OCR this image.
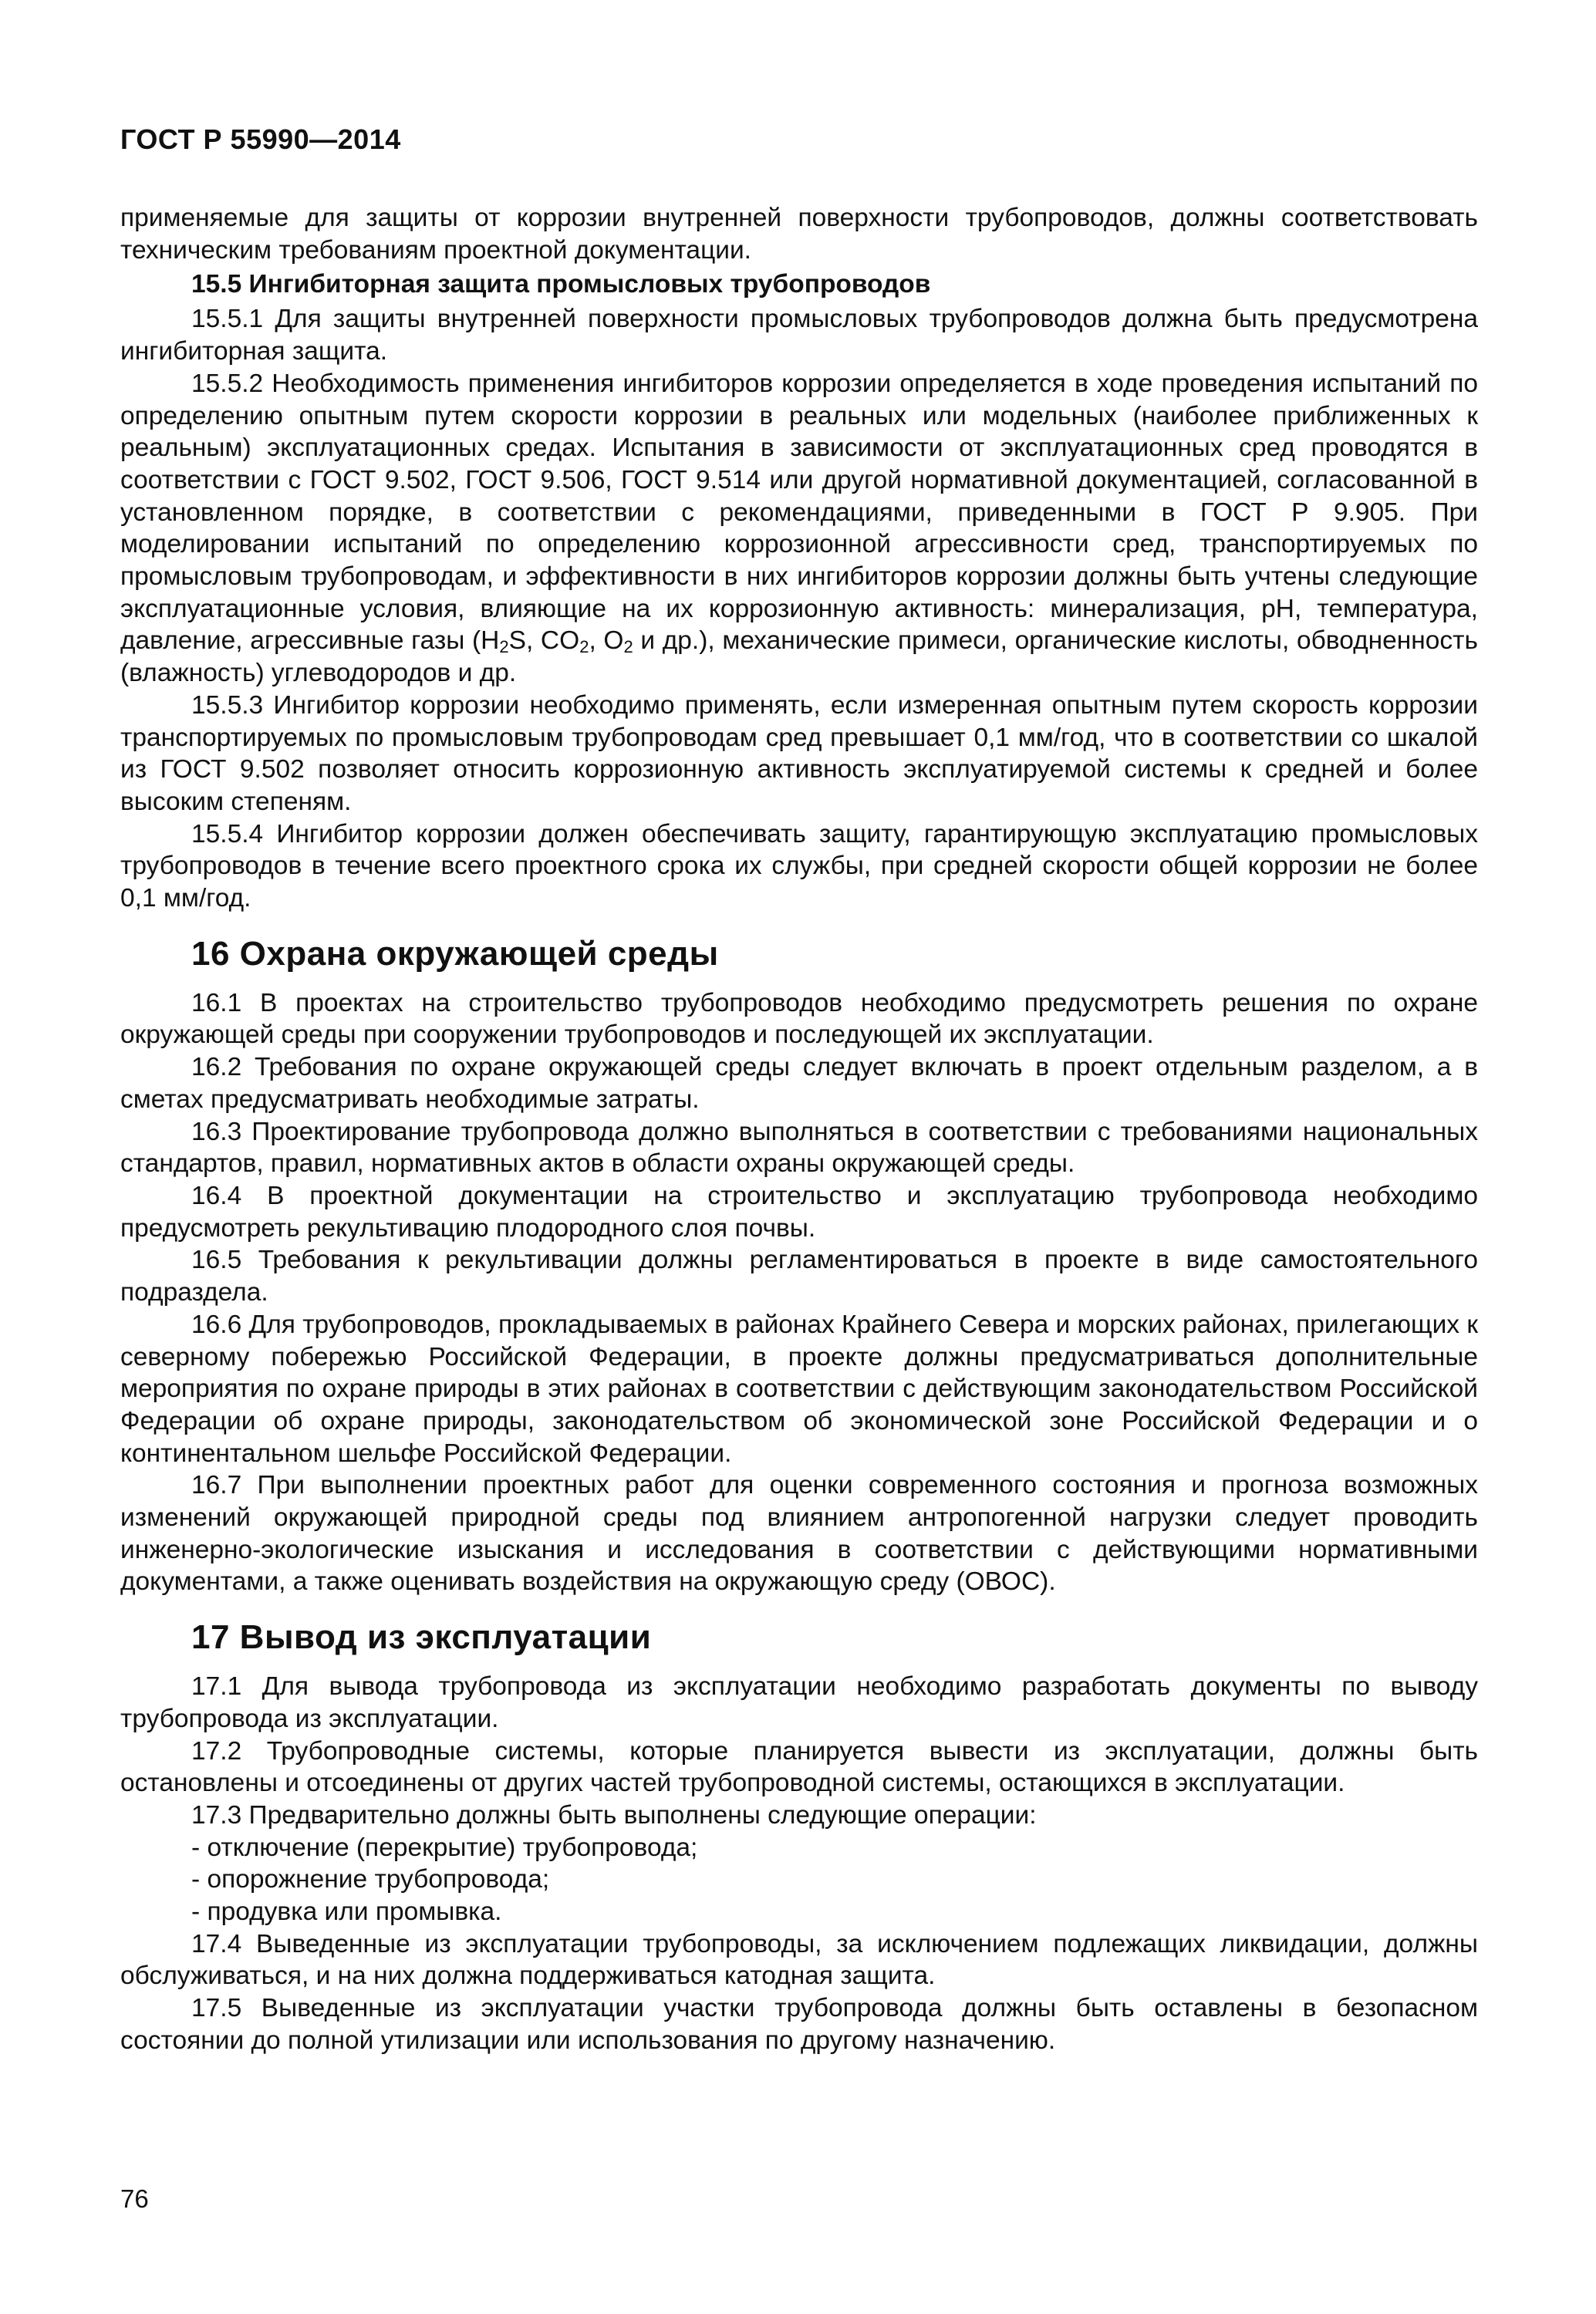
ГОСТ Р 55990—2014

применяемые для защиты от коррозии внутренней поверхности трубопроводов, должны соответствовать техническим требованиям проектной документации.

15.5 Ингибиторная защита промысловых трубопроводов

15.5.1 Для защиты внутренней поверхности промысловых трубопроводов должна быть предусмотрена ингибиторная защита.

15.5.2 Необходимость применения ингибиторов коррозии определяется в ходе проведения испытаний по определению опытным путем скорости коррозии в реальных или модельных (наиболее приближенных к реальным) эксплуатационных средах. Испытания в зависимости от эксплуатационных сред проводятся в соответствии с ГОСТ 9.502, ГОСТ 9.506, ГОСТ 9.514 или другой нормативной документацией, согласованной в установленном порядке, в соответствии с рекомендациями, приведенными в ГОСТ Р 9.905. При моделировании испытаний по определению коррозионной агрессивности сред, транспортируемых по промысловым трубопроводам, и эффективности в них ингибиторов коррозии должны быть учтены следующие эксплуатационные условия, влияющие на их коррозионную активность: минерализация, pH, температура, давление, агрессивные газы ($H_2S$, $CO_2$, $O_2$ и др.), механические примеси, органические кислоты, обводненность (влажность) углеводородов и др.

15.5.3 Ингибитор коррозии необходимо применять, если измеренная опытным путем скорость коррозии транспортируемых по промысловым трубопроводам сред превышает 0,1 мм/год, что в соответствии со шкалой из ГОСТ 9.502 позволяет относить коррозионную активность эксплуатируемой системы к средней и более высоким степеням.

15.5.4 Ингибитор коррозии должен обеспечивать защиту, гарантирующую эксплуатацию промысловых трубопроводов в течение всего проектного срока их службы, при средней скорости общей коррозии не более 0,1 мм/год.

16 Охрана окружающей среды

16.1 В проектах на строительство трубопроводов необходимо предусмотреть решения по охране окружающей среды при сооружении трубопроводов и последующей их эксплуатации.

16.2 Требования по охране окружающей среды следует включать в проект отдельным разделом, а в сметах предусматривать необходимые затраты.

16.3 Проектирование трубопровода должно выполняться в соответствии с требованиями национальных стандартов, правил, нормативных актов в области охраны окружающей среды.

16.4 В проектной документации на строительство и эксплуатацию трубопровода необходимо предусмотреть рекультивацию плодородного слоя почвы.

16.5 Требования к рекультивации должны регламентироваться в проекте в виде самостоятельного подраздела.

16.6 Для трубопроводов, прокладываемых в районах Крайнего Севера и морских районах, прилегающих к северному побережью Российской Федерации, в проекте должны предусматриваться дополнительные мероприятия по охране природы в этих районах в соответствии с действующим законодательством Российской Федерации об охране природы, законодательством об экономической зоне Российской Федерации и о континентальном шельфе Российской Федерации.

16.7 При выполнении проектных работ для оценки современного состояния и прогноза возможных изменений окружающей природной среды под влиянием антропогенной нагрузки следует проводить инженерно-экологические изыскания и исследования в соответствии с действующими нормативными документами, а также оценивать воздействия на окружающую среду (ОВОС).

17 Вывод из эксплуатации

17.1 Для вывода трубопровода из эксплуатации необходимо разработать документы по выводу трубопровода из эксплуатации.

17.2 Трубопроводные системы, которые планируется вывести из эксплуатации, должны быть остановлены и отсоединены от других частей трубопроводной системы, остающихся в эксплуатации.

17.3 Предварительно должны быть выполнены следующие операции:

- отключение (перекрытие) трубопровода;

- опорожнение трубопровода;

- продувка или промывка.

17.4 Выведенные из эксплуатации трубопроводы, за исключением подлежащих ликвидации, должны обслуживаться, и на них должна поддерживаться катодная защита.

17.5 Выведенные из эксплуатации участки трубопровода должны быть оставлены в безопасном состоянии до полной утилизации или использования по другому назначению.

76
